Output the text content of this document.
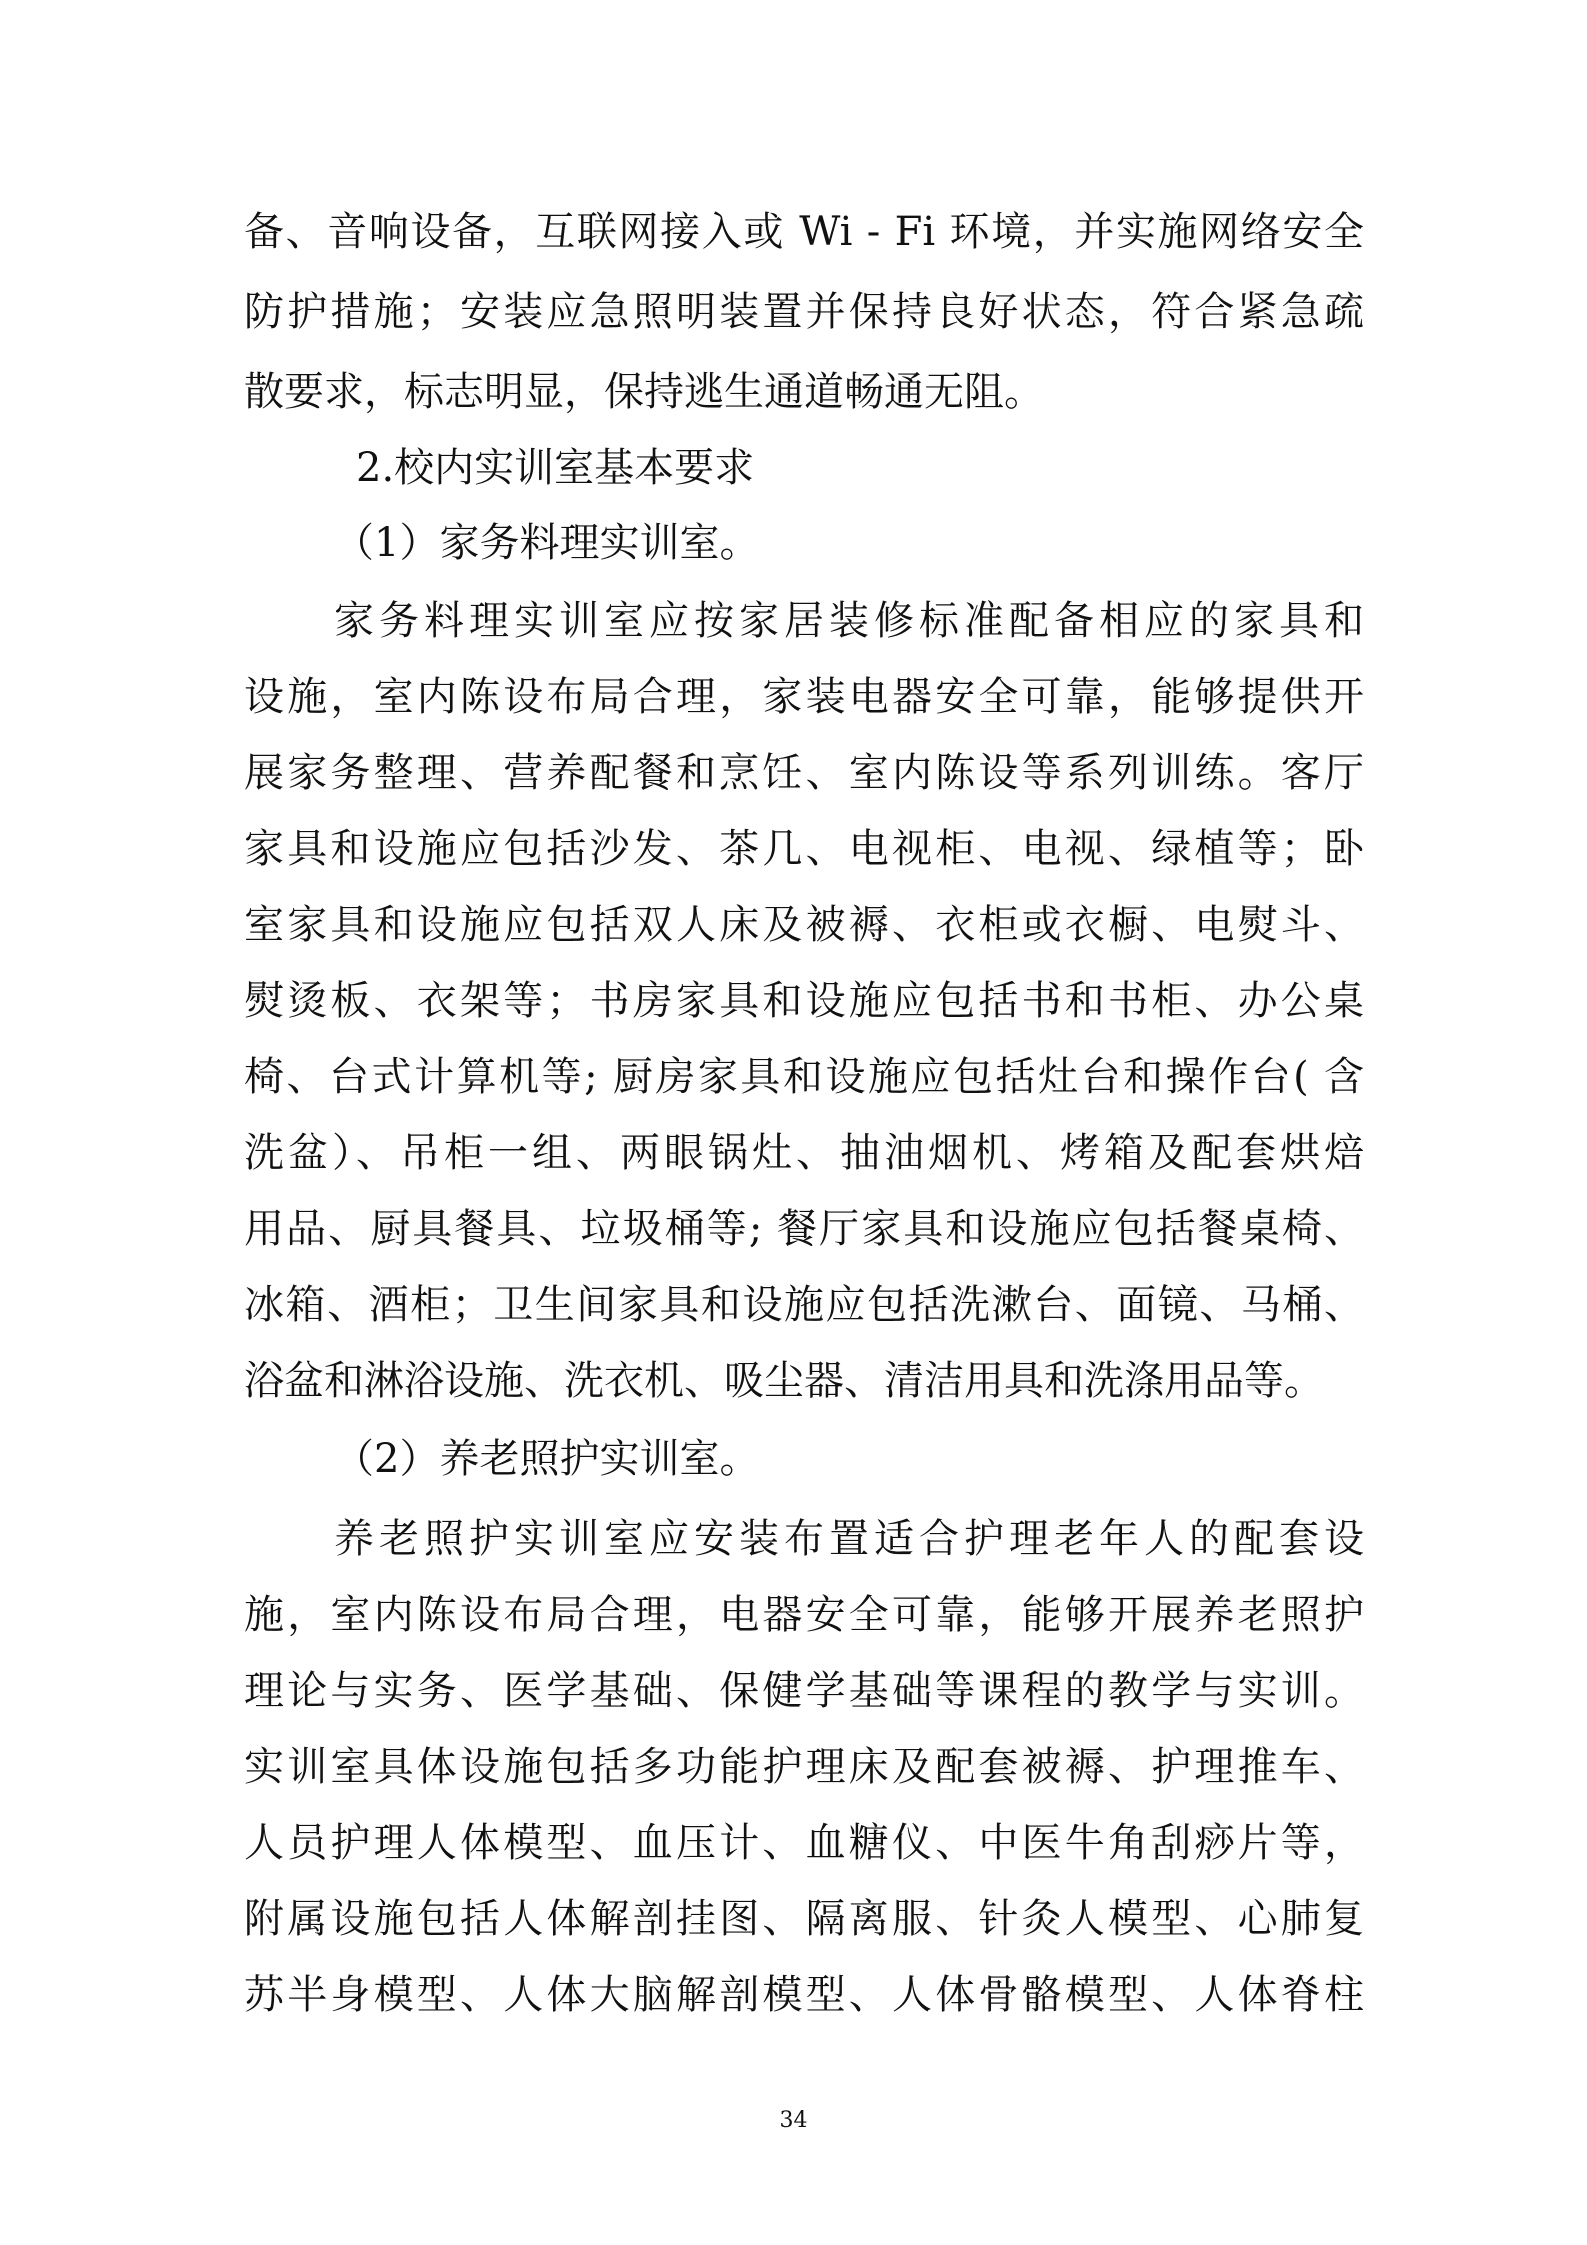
备、音响设备，互联网接入或 Wi - Fi 环境，并实施网络安全
防护措施；安装应急照明装置并保持良好状态，符合紧急疏
散要求，标志明显，保持逃生通道畅通无阻。
2.校内实训室基本要求
（1）家务料理实训室。
家务料理实训室应按家居装修标准配备相应的家具和
设施，室内陈设布局合理，家装电器安全可靠，能够提供开
展家务整理、营养配餐和烹饪、室内陈设等系列训练。客厅
家具和设施应包括沙发、茶几、电视柜、电视、绿植等；卧
室家具和设施应包括双人床及被褥、衣柜或衣橱、电熨斗、
熨烫板、衣架等；书房家具和设施应包括书和书柜、办公桌
椅、台式计算机等; 厨房家具和设施应包括灶台和操作台( 含
洗盆）、吊柜一组、两眼锅灶、抽油烟机、烤箱及配套烘焙
用品、厨具餐具、垃圾桶等; 餐厅家具和设施应包括餐桌椅、
冰箱、酒柜；卫生间家具和设施应包括洗漱台、面镜、马桶、
浴盆和淋浴设施、洗衣机、吸尘器、清洁用具和洗涤用品等。
（2）养老照护实训室。
养老照护实训室应安装布置适合护理老年人的配套设
施，室内陈设布局合理，电器安全可靠，能够开展养老照护
理论与实务、医学基础、保健学基础等课程的教学与实训。
实训室具体设施包括多功能护理床及配套被褥、护理推车、
人员护理人体模型、血压计、血糖仪、中医牛角刮痧片等，
附属设施包括人体解剖挂图、隔离服、针灸人模型、心肺复
苏半身模型、人体大脑解剖模型、人体骨骼模型、人体脊柱
34
